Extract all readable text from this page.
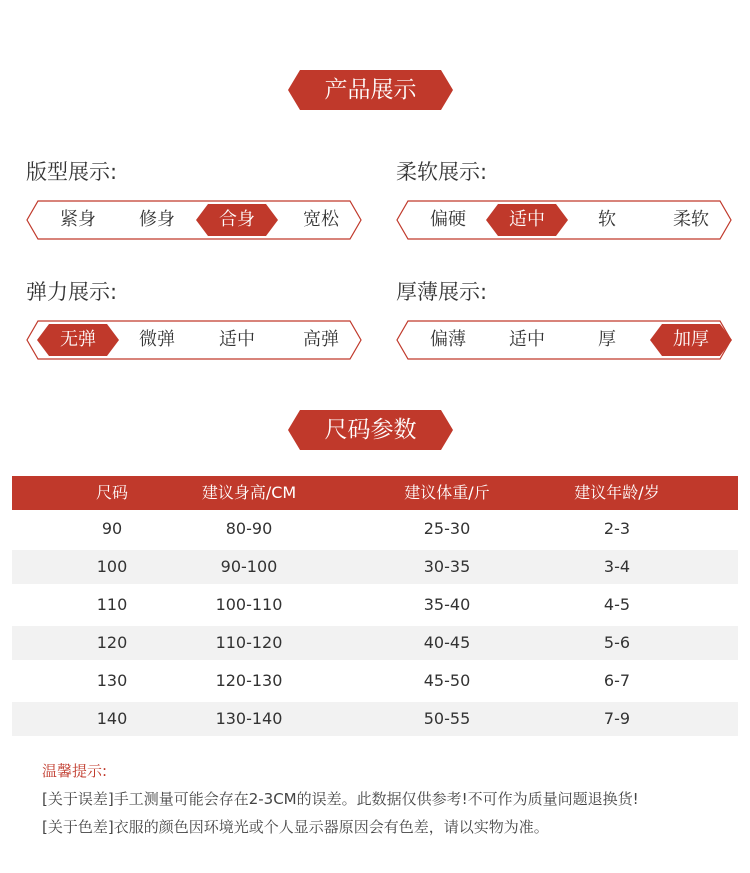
产品展示
版型展示:	柔软展示:
弹力展示:	厚薄展示:
紧身	修身	合身	宽松	偏硬	适中	软	柔软
无弹	微弹	适中	高弹	偏薄	适中	厚	加厚
尺码参数
尺码	建议身高/CM	建议体重/斤	建议年龄/岁
90	80-90	25-30	2-3
100	90-100	30-35	3-4
110	100-110	35-40	4-5
120	110-120	40-45	5-6
130	120-130	45-50	6-7
140	130-140	50-55	7-9
温馨提示:
[关于误差]手工测量可能会存在2-3CM的误差。此数据仅供参考!不可作为质量问题退换货!
[关于色差]衣服的颜色因环境光或个人显示器原因会有色差，请以实物为准。
